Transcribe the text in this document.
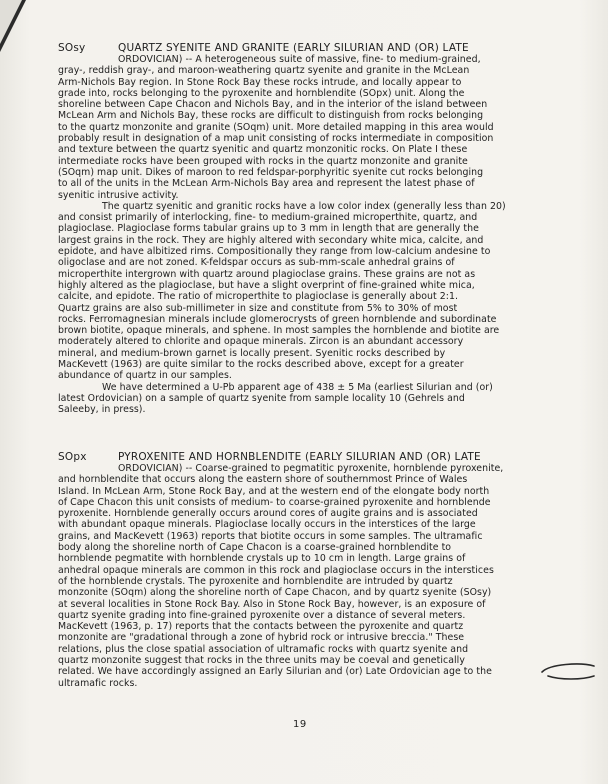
SOsy	QUARTZ SYENITE AND GRANITE (EARLY SILURIAN AND (OR) LATE
ORDOVICIAN) -- A heterogeneous suite of massive, fine- to medium-grained,
gray-, reddish gray-, and maroon-weathering quartz syenite and granite in the McLean
Arm-Nichols Bay region. In Stone Rock Bay these rocks intrude, and locally appear to
grade into, rocks belonging to the pyroxenite and hornblendite (SOpx) unit. Along the
shoreline between Cape Chacon and Nichols Bay, and in the interior of the island between
McLean Arm and Nichols Bay, these rocks are difficult to distinguish from rocks belonging
to the quartz monzonite and granite (SOqm) unit. More detailed mapping in this area would
probably result in designation of a map unit consisting of rocks intermediate in composition
and texture between the quartz syenitic and quartz monzonitic rocks. On Plate I these
intermediate rocks have been grouped with rocks in the quartz monzonite and granite
(SOqm) map unit. Dikes of maroon to red feldspar-porphyritic syenite cut rocks belonging
to all of the units in the McLean Arm-Nichols Bay area and represent the latest phase of
syenitic intrusive activity.
The quartz syenitic and granitic rocks have a low color index (generally less than 20)
and consist primarily of interlocking, fine- to medium-grained microperthite, quartz, and
plagioclase. Plagioclase forms tabular grains up to 3 mm in length that are generally the
largest grains in the rock. They are highly altered with secondary white mica, calcite, and
epidote, and have albitized rims. Compositionally they range from low-calcium andesine to
oligoclase and are not zoned. K-feldspar occurs as sub-mm-scale anhedral grains of
microperthite intergrown with quartz around plagioclase grains. These grains are not as
highly altered as the plagioclase, but have a slight overprint of fine-grained white mica,
calcite, and epidote. The ratio of microperthite to plagioclase is generally about 2:1.
Quartz grains are also sub-millimeter in size and constitute from 5% to 30% of most
rocks. Ferromagnesian minerals include glomerocrysts of green hornblende and subordinate
brown biotite, opaque minerals, and sphene. In most samples the hornblende and biotite are
moderately altered to chlorite and opaque minerals. Zircon is an abundant accessory
mineral, and medium-brown garnet is locally present. Syenitic rocks described by
MacKevett (1963) are quite similar to the rocks described above, except for a greater
abundance of quartz in our samples.
We have determined a U-Pb apparent age of 438 ± 5 Ma (earliest Silurian and (or)
latest Ordovician) on a sample of quartz syenite from sample locality 10 (Gehrels and
Saleeby, in press).
SOpx	PYROXENITE AND HORNBLENDITE (EARLY SILURIAN AND (OR) LATE
ORDOVICIAN) -- Coarse-grained to pegmatitic pyroxenite, hornblende pyroxenite,
and hornblendite that occurs along the eastern shore of southernmost Prince of Wales
Island. In McLean Arm, Stone Rock Bay, and at the western end of the elongate body north
of Cape Chacon this unit consists of medium- to coarse-grained pyroxenite and hornblende
pyroxenite. Hornblende generally occurs around cores of augite grains and is associated
with abundant opaque minerals. Plagioclase locally occurs in the interstices of the large
grains, and MacKevett (1963) reports that biotite occurs in some samples. The ultramafic
body along the shoreline north of Cape Chacon is a coarse-grained hornblendite to
hornblende pegmatite with hornblende crystals up to 10 cm in length. Large grains of
anhedral opaque minerals are common in this rock and plagioclase occurs in the interstices
of the hornblende crystals. The pyroxenite and hornblendite are intruded by quartz
monzonite (SOqm) along the shoreline north of Cape Chacon, and by quartz syenite (SOsy)
at several localities in Stone Rock Bay. Also in Stone Rock Bay, however, is an exposure of
quartz syenite grading into fine-grained pyroxenite over a distance of several meters.
MacKevett (1963, p. 17) reports that the contacts between the pyroxenite and quartz
monzonite are "gradational through a zone of hybrid rock or intrusive breccia." These
relations, plus the close spatial association of ultramafic rocks with quartz syenite and
quartz monzonite suggest that rocks in the three units may be coeval and genetically
related. We have accordingly assigned an Early Silurian and (or) Late Ordovician age to the
ultramafic rocks.
19
